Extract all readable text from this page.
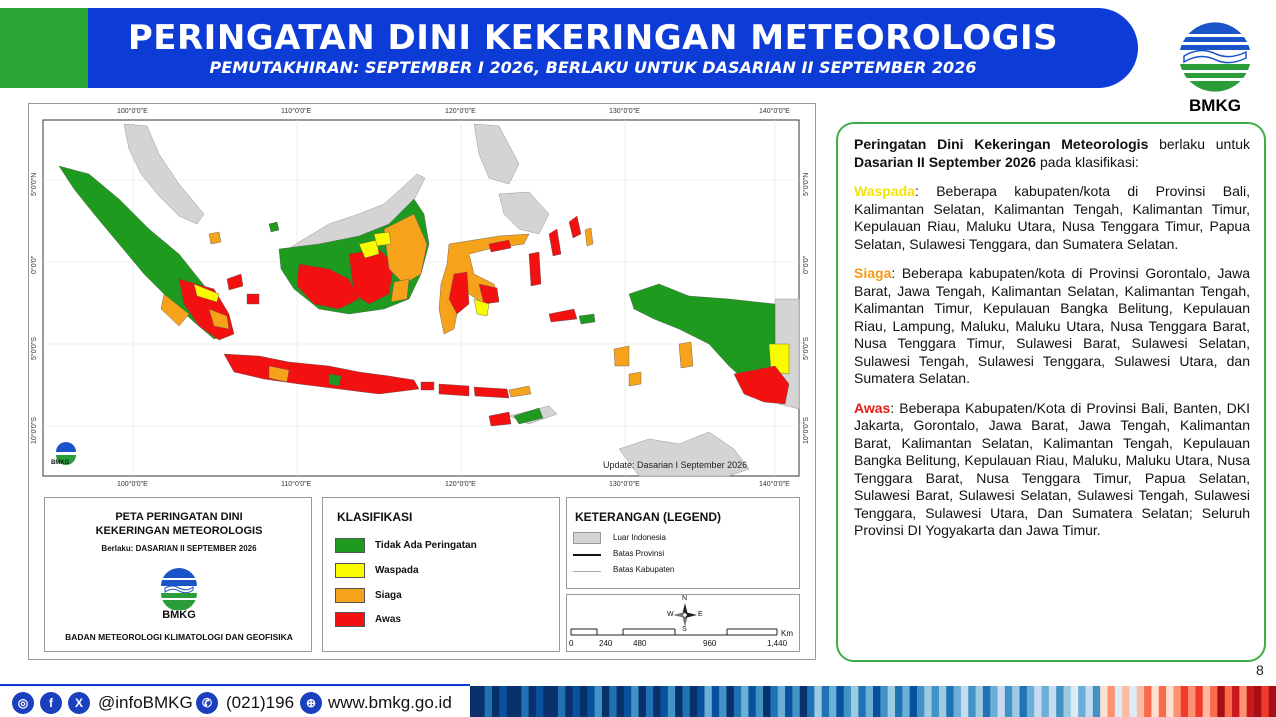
PERINGATAN DINI KEKERINGAN METEOROLOGIS
PEMUTAKHIRAN: SEPTEMBER I 2026, BERLAKU UNTUK DASARIAN II SEPTEMBER 2026
BMKG
100°0'0"E	110°0'0"E	120°0'0"E	130°0'0"E	140°0'0"E
100°0'0"E	110°0'0"E	120°0'0"E	130°0'0"E	140°0'0"E
5°0'0"N
0°0'0"
5°0'0"S
10°0'0"S
5°0'0"N
0°0'0"
5°0'0"S
10°0'0"S
Update: Dasarian I September 2026
BMKG
PETA PERINGATAN DINI
KEKERINGAN METEOROLOGIS
Berlaku: DASARIAN II SEPTEMBER 2026
BMKG
BADAN METEOROLOGI KLIMATOLOGI DAN GEOFISIKA
KLASIFIKASI
Tidak Ada Peringatan
Waspada
Siaga
Awas
KETERANGAN (LEGEND)
Luar Indonesia
Batas Provinsi
Batas Kabupaten
N
W	E
S	Km
0	240	480	960	1,440

Peringatan Dini Kekeringan Meteorologis berlaku untuk Dasarian II September 2026 pada klasifikasi:

Waspada: Beberapa kabupaten/kota di Provinsi Bali, Kalimantan Selatan, Kalimantan Tengah, Kalimantan Timur, Kepulauan Riau, Maluku Utara, Nusa Tenggara Timur, Papua Selatan, Sulawesi Tenggara, dan Sumatera Selatan.

Siaga: Beberapa kabupaten/kota di Provinsi Gorontalo, Jawa Barat, Jawa Tengah, Kalimantan Selatan, Kalimantan Tengah, Kalimantan Timur, Kepulauan Bangka Belitung, Kepulauan Riau, Lampung, Maluku, Maluku Utara, Nusa Tenggara Barat, Nusa Tenggara Timur, Sulawesi Barat, Sulawesi Selatan, Sulawesi Tengah, Sulawesi Tenggara, Sulawesi Utara, dan Sumatera Selatan.

Awas: Beberapa Kabupaten/Kota di Provinsi Bali, Banten, DKI Jakarta, Gorontalo, Jawa Barat, Jawa Tengah, Kalimantan Barat, Kalimantan Selatan, Kalimantan Tengah, Kepulauan Bangka Belitung, Kepulauan Riau, Maluku, Maluku Utara, Nusa Tenggara Barat, Nusa Tenggara Timur, Papua Selatan, Sulawesi Barat, Sulawesi Selatan, Sulawesi Tengah, Sulawesi Tenggara, Sulawesi Utara, Dan Sumatera Selatan; Seluruh Provinsi DI Yogyakarta dan Jawa Timur.

8
◎	f	X @infoBMKG ✆ (021)196 ⊕ www.bmkg.go.id
